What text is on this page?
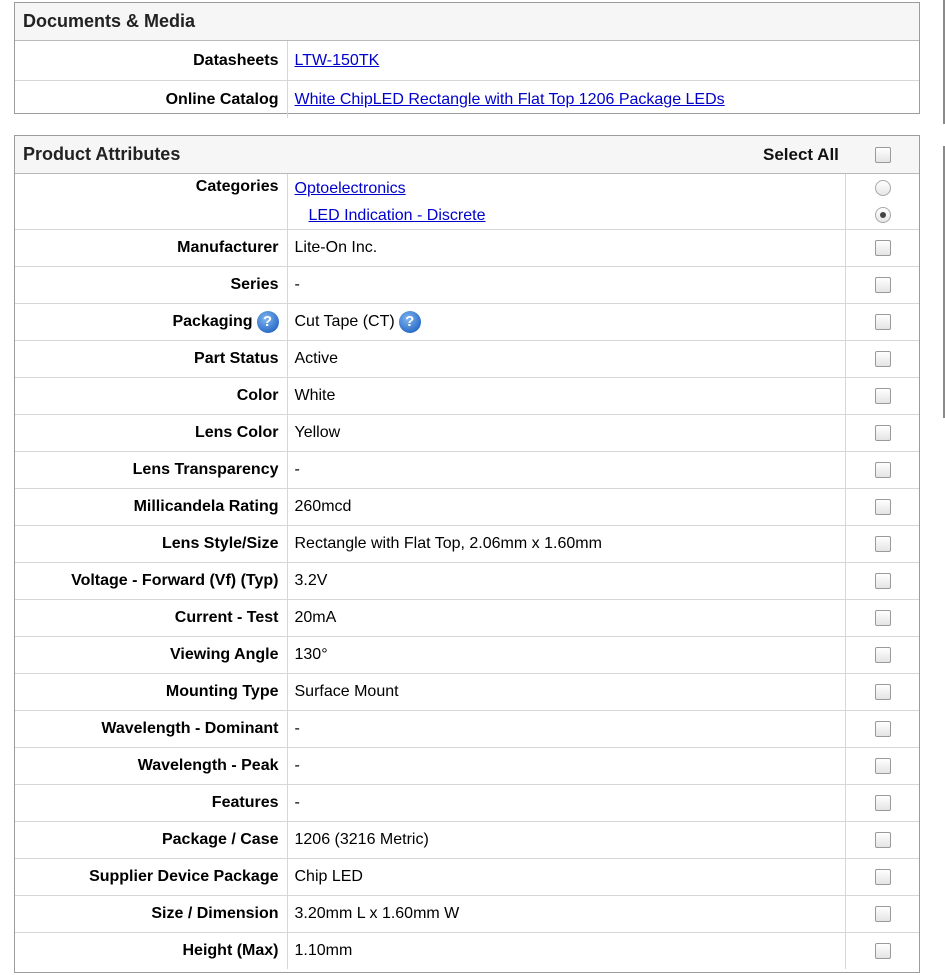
Documents & Media
Datasheets	LTW-150TK
Online Catalog	White ChipLED Rectangle with Flat Top 1206 Package LEDs
Product Attributes	Select All
Categories	Optoelectronics
LED Indication - Discrete	

Manufacturer	Lite-On Inc.	
Series	-	
Packaging ?	Cut Tape (CT) ?	
Part Status	Active	
Color	White	
Lens Color	Yellow	
Lens Transparency	-	
Millicandela Rating	260mcd	
Lens Style/Size	Rectangle with Flat Top, 2.06mm x 1.60mm	
Voltage - Forward (Vf) (Typ)	3.2V	
Current - Test	20mA	
Viewing Angle	130°	
Mounting Type	Surface Mount	
Wavelength - Dominant	-	
Wavelength - Peak	-	
Features	-	
Package / Case	1206 (3216 Metric)	
Supplier Device Package	Chip LED	
Size / Dimension	3.20mm L x 1.60mm W	
Height (Max)	1.10mm	
